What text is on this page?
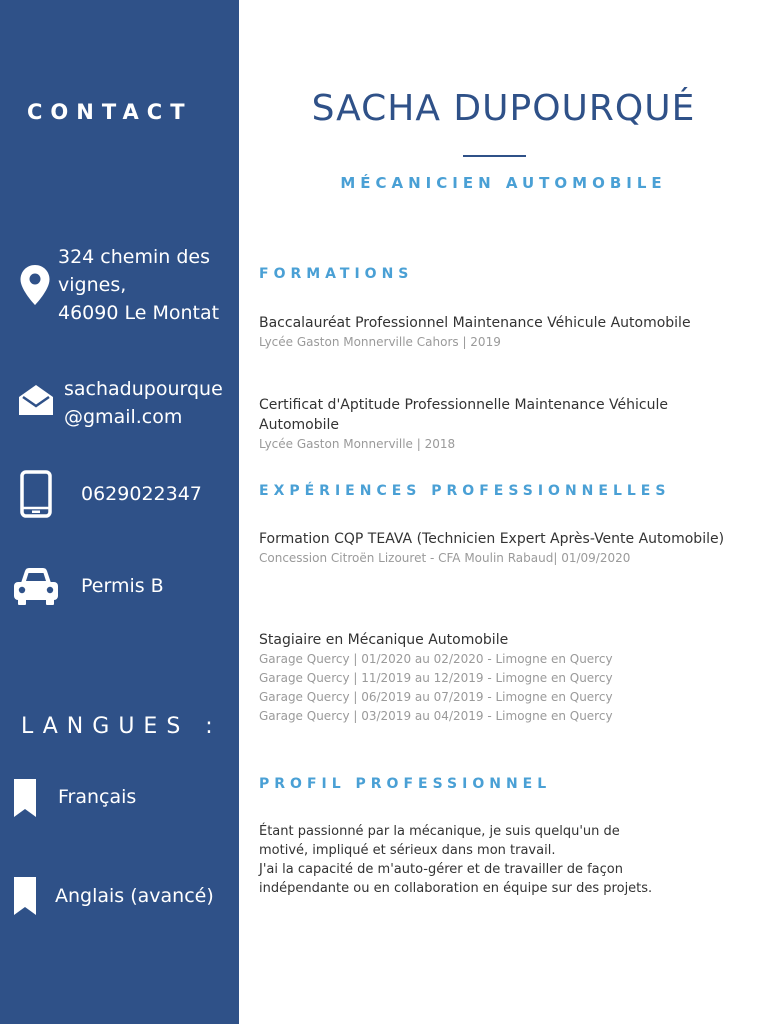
CONTACT
324 chemin des
vignes,
46090 Le Montat
sachadupourque
@gmail.com
0629022347
Permis B
LANGUES :
Français
Anglais (avancé)
SACHA DUPOURQUÉ
MÉCANICIEN AUTOMOBILE
FORMATIONS
Baccalauréat Professionnel Maintenance Véhicule Automobile
Lycée Gaston Monnerville Cahors | 2019
Certificat d'Aptitude Professionnelle Maintenance Véhicule Automobile
Lycée Gaston Monnerville | 2018
EXPÉRIENCES PROFESSIONNELLES
Formation CQP TEAVA (Technicien Expert Après-Vente Automobile)
Concession Citroën Lizouret - CFA Moulin Rabaud| 01/09/2020
Stagiaire en Mécanique Automobile
Garage Quercy | 01/2020 au 02/2020 - Limogne en Quercy
Garage Quercy | 11/2019 au 12/2019 - Limogne en Quercy
Garage Quercy | 06/2019 au 07/2019 - Limogne en Quercy
Garage Quercy | 03/2019 au 04/2019 - Limogne en Quercy
PROFIL PROFESSIONNEL
Étant passionné par la mécanique, je suis quelqu'un de
motivé, impliqué et sérieux dans mon travail.
J'ai la capacité de m'auto-gérer et de travailler de façon
indépendante ou en collaboration en équipe sur des projets.
